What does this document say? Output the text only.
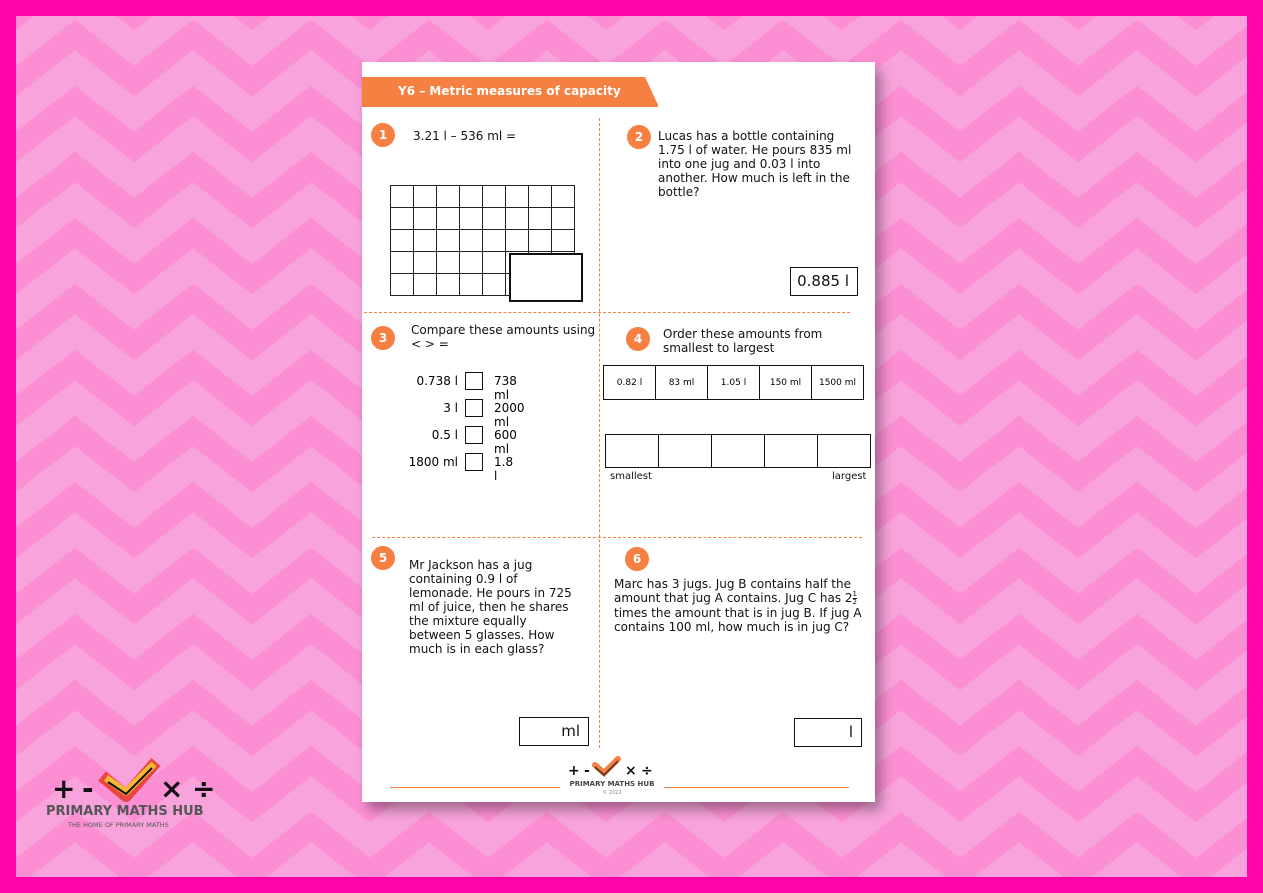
Y6 – Metric measures of capacity
1	3.21 l – 536 ml =

								2	Lucas has a bottle containing 1.75 l of water. He pours 835 ml into one jug and 0.03 l into another. How much is left in the bottle?
0.885 l
3
Compare these amounts using < > =
0.738 l	738 ml
3 l	2000 ml
0.5 l	600 ml
1800 ml	1.8 l
4	Order these amounts from smallest to largest
0.82 l	83 ml	1.05 l	150 ml	1500 ml
smallest	largest
5	Mr Jackson has a jug containing 0.9 l of lemonade. He pours in 725 ml of juice, then he shares the mixture equally between 5 glasses. How much is in each glass?
ml
6
Marc has 3 jugs. Jug B contains half the amount that jug A contains. Jug C has $2 \frac{1}{2}$
times the amount that is in jug B. If jug A contains 100 ml, how much is in jug C?
l
+ -	× ÷
PRIMARY MATHS HUB
© 2022
+ - × ÷
PRIMARY MATHS HUB
THE HOME OF PRIMARY MATHS
